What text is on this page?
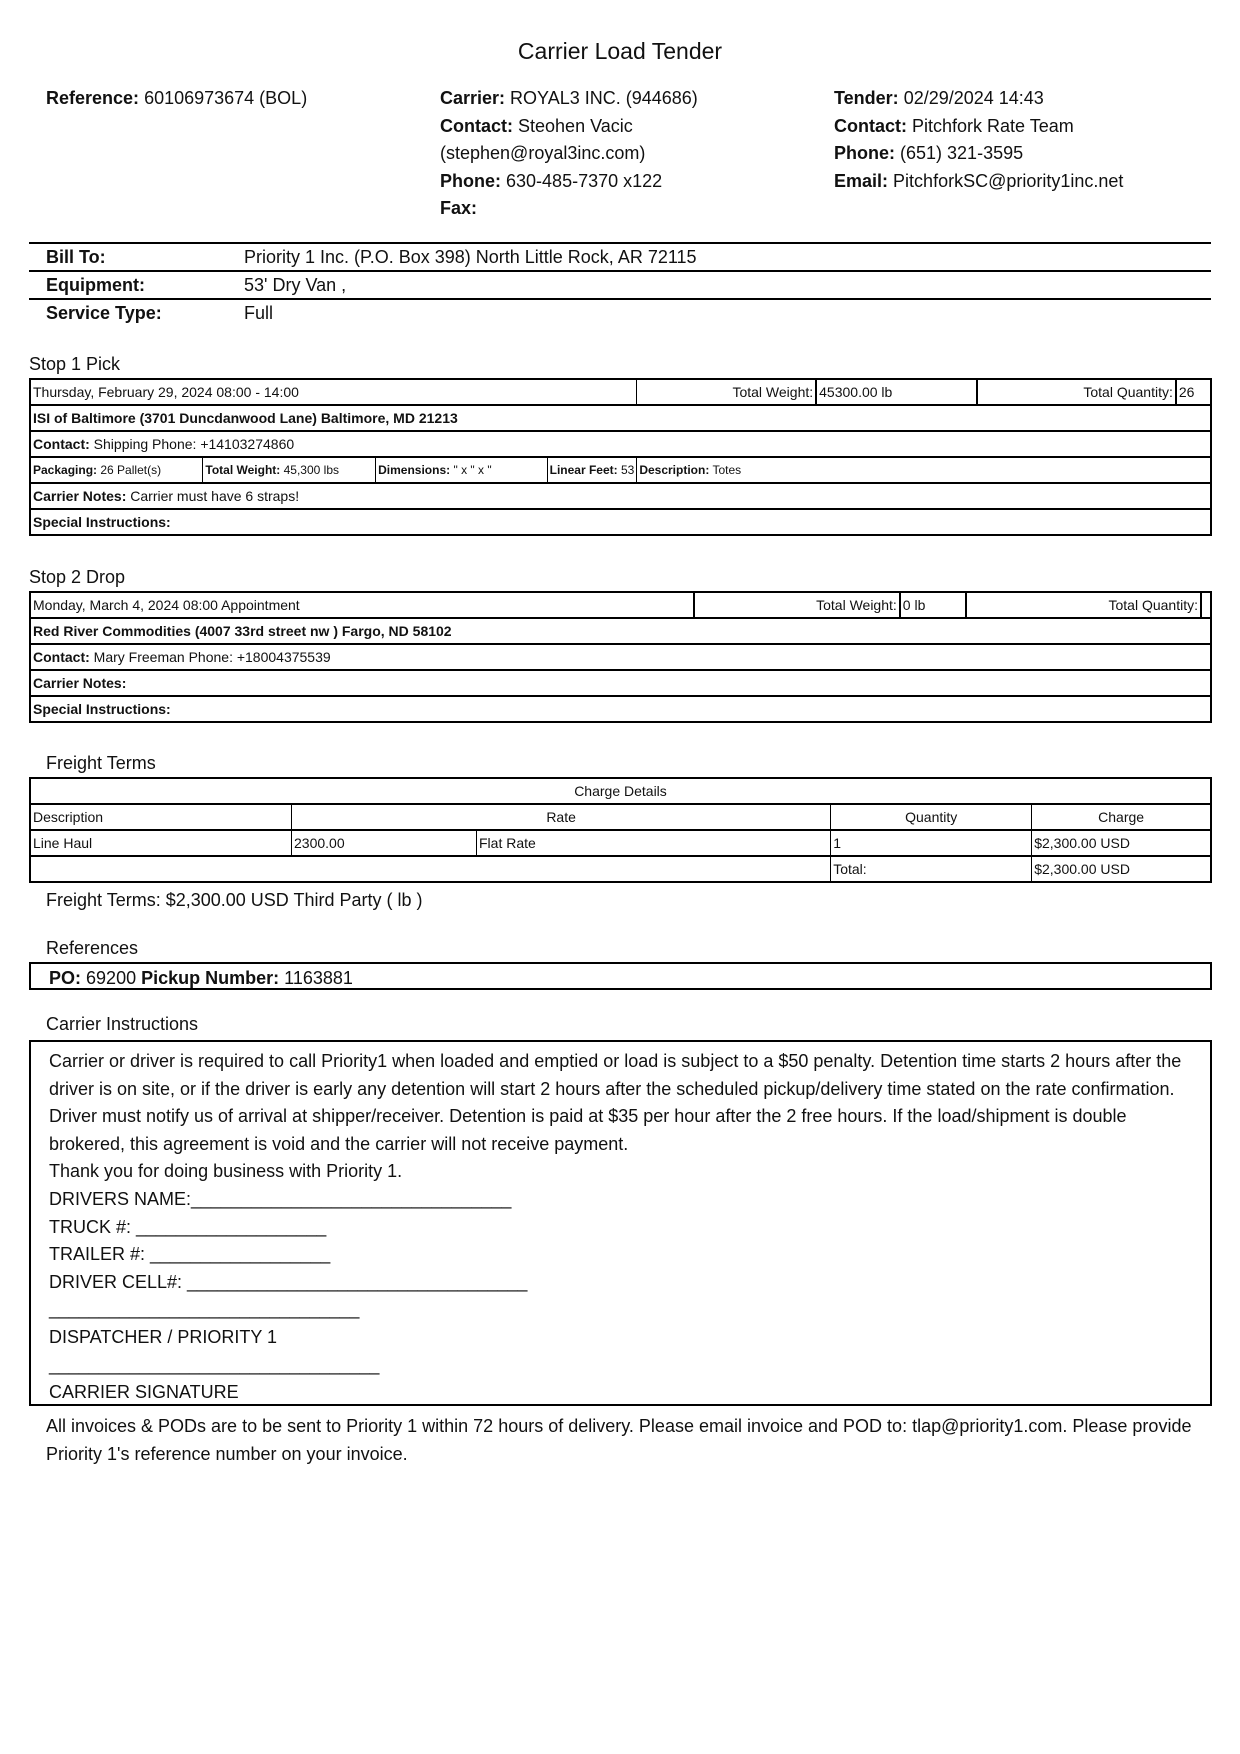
Carrier Load Tender
Reference: 60106973674 (BOL)	Carrier: ROYAL3 INC. (944686)
Contact: Steohen Vacic
(stephen@royal3inc.com)
Phone: 630-485-7370 x122
Fax:
Tender: 02/29/2024 14:43
Contact: Pitchfork Rate Team
Phone: (651) 321-3595
Email: PitchforkSC@priority1inc.net
Bill To:	Priority 1 Inc. (P.O. Box 398) North Little Rock, AR 72115
Equipment:	53' Dry Van ,
Service Type:	Full
Stop 1 Pick
Thursday, February 29, 2024 08:00 - 14:00				Total Weight:	45300.00 lb	Total Quantity:	26
ISI of Baltimore (3701 Duncdanwood Lane) Baltimore, MD 21213							
Contact: Shipping Phone: +14103274860							
Packaging: 26 Pallet(s)	Total Weight: 45,300 lbs	Dimensions: " x " x "	Linear Feet: 53	Description: Totes			
Carrier Notes: Carrier must have 6 straps!							
Special Instructions:							
Stop 2 Drop
Monday, March 4, 2024 08:00 Appointment	Total Weight:	0 lb	Total Quantity:	
Red River Commodities (4007 33rd street nw ) Fargo, ND 58102
Contact: Mary Freeman Phone: +18004375539
Carrier Notes:
Special Instructions:
Freight Terms
Charge Details				
Description	Rate		Quantity	Charge
Line Haul	2300.00	Flat Rate	1	$2,300.00 USD
			Total:	$2,300.00 USD
Freight Terms: $2,300.00 USD Third Party ( lb )
References
PO: 69200 Pickup Number: 1163881
Carrier Instructions
Carrier or driver is required to call Priority1 when loaded and emptied or load is subject to a $50 penalty. Detention time starts 2 hours after the driver is on site, or if the driver is early any detention will start 2 hours after the scheduled pickup/delivery time stated on the rate confirmation. Driver must notify us of arrival at shipper/receiver. Detention is paid at $35 per hour after the 2 free hours. If the load/shipment is double brokered, this agreement is void and the carrier will not receive payment.
Thank you for doing business with Priority 1.
DRIVERS NAME:________________________________
TRUCK #: ___________________
TRAILER #: __________________
DRIVER CELL#: __________________________________
_______________________________
DISPATCHER / PRIORITY 1
_________________________________
CARRIER SIGNATURE
All invoices & PODs are to be sent to Priority 1 within 72 hours of delivery. Please email invoice and POD to: tlap@priority1.com. Please provide Priority 1's reference number on your invoice.
